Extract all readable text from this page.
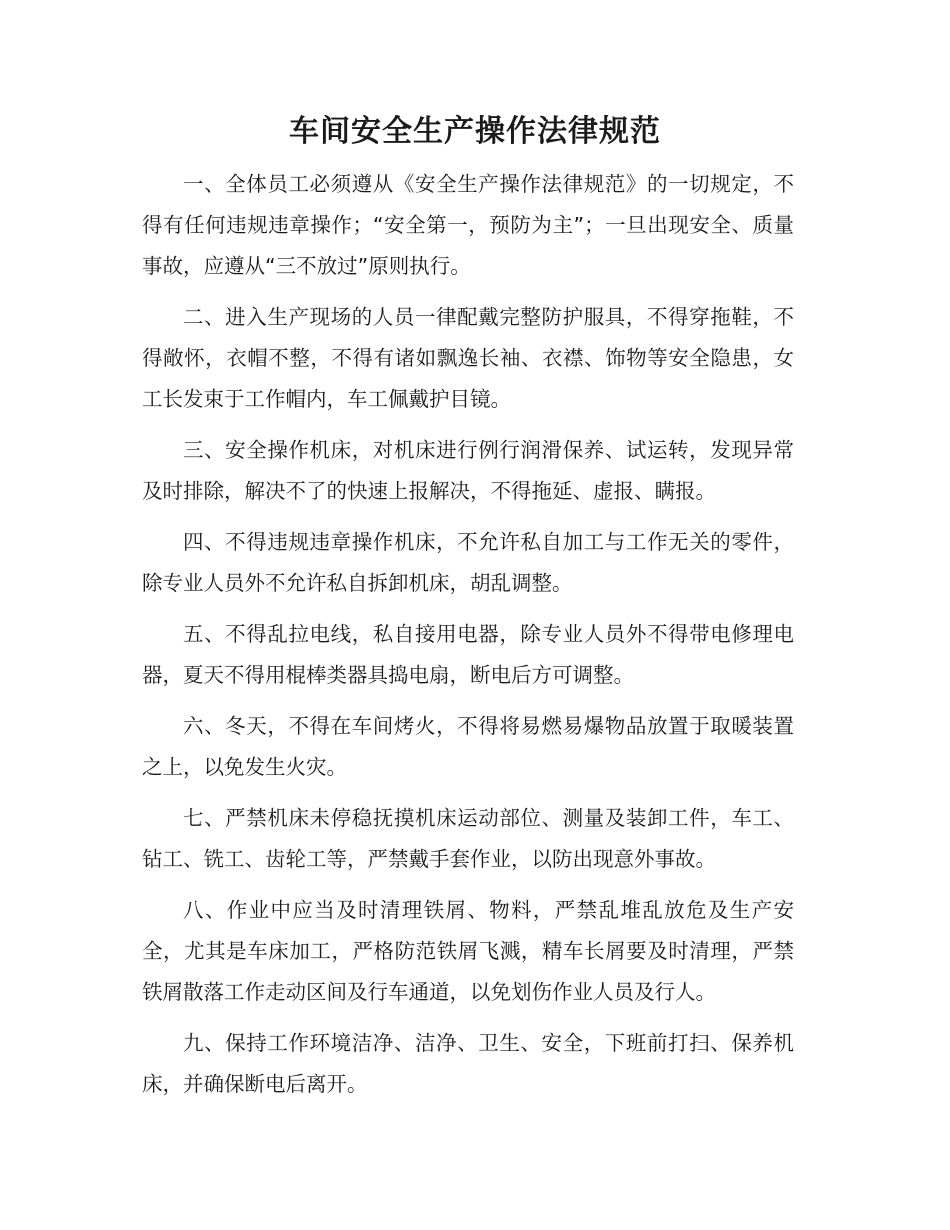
车间安全生产操作法律规范

一、全体员工必须遵从《安全生产操作法律规范》的一切规定，不得有任何违规违章操作；“安全第一，预防为主”；一旦出现安全、质量事故，应遵从“三不放过”原则执行。

二、进入生产现场的人员一律配戴完整防护服具，不得穿拖鞋，不得敞怀，衣帽不整，不得有诸如飘逸长袖、衣襟、饰物等安全隐患，女工长发束于工作帽内，车工佩戴护目镜。

三、安全操作机床，对机床进行例行润滑保养、试运转，发现异常及时排除，解决不了的快速上报解决，不得拖延、虚报、瞒报。

四、不得违规违章操作机床，不允许私自加工与工作无关的零件，除专业人员外不允许私自拆卸机床，胡乱调整。

五、不得乱拉电线，私自接用电器，除专业人员外不得带电修理电器，夏天不得用棍棒类器具捣电扇，断电后方可调整。

六、冬天，不得在车间烤火，不得将易燃易爆物品放置于取暖装置之上，以免发生火灾。

七、严禁机床未停稳抚摸机床运动部位、测量及装卸工件，车工、钻工、铣工、齿轮工等，严禁戴手套作业，以防出现意外事故。

八、作业中应当及时清理铁屑、物料，严禁乱堆乱放危及生产安全，尤其是车床加工，严格防范铁屑飞溅，精车长屑要及时清理，严禁铁屑散落工作走动区间及行车通道，以免划伤作业人员及行人。

九、保持工作环境洁净、洁净、卫生、安全，下班前打扫、保养机床，并确保断电后离开。
